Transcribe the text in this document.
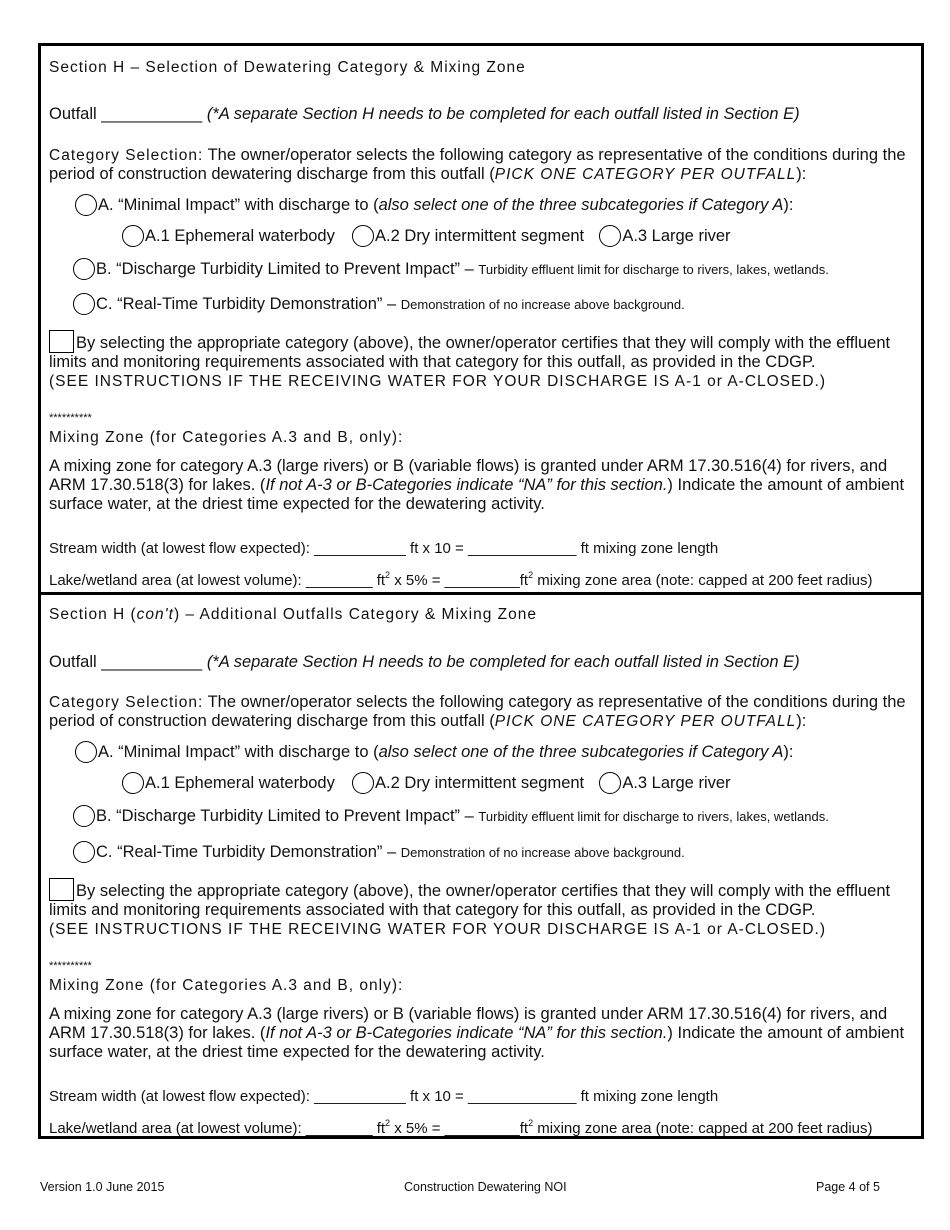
Section H – Selection of Dewatering Category & Mixing Zone
Outfall ___________ (*A separate Section H needs to be completed for each outfall listed in Section E)
Category Selection: The owner/operator selects the following category as representative of the conditions during the period of construction dewatering discharge from this outfall (PICK ONE CATEGORY PER OUTFALL):
A. “Minimal Impact” with discharge to (also select one of the three subcategories if Category A):
A.1 Ephemeral waterbody A.2 Dry intermittent segment A.3 Large river
B. “Discharge Turbidity Limited to Prevent Impact” – Turbidity effluent limit for discharge to rivers, lakes, wetlands.
C. “Real-Time Turbidity Demonstration” – Demonstration of no increase above background.
By selecting the appropriate category (above), the owner/operator certifies that they will comply with the effluent limits and monitoring requirements associated with that category for this outfall, as provided in the CDGP.
(SEE INSTRUCTIONS IF THE RECEIVING WATER FOR YOUR DISCHARGE IS A-1 or A-CLOSED.)
**********
Mixing Zone (for Categories A.3 and B, only):
A mixing zone for category A.3 (large rivers) or B (variable flows) is granted under ARM 17.30.516(4) for rivers, and ARM 17.30.518(3) for lakes. (If not A-3 or B-Categories indicate “NA” for this section.) Indicate the amount of ambient surface water, at the driest time expected for the dewatering activity.
Stream width (at lowest flow expected): ___________ ft x 10 = _____________ ft mixing zone length
Lake/wetland area (at lowest volume): ________ $ft^2$ x $5\% = \_\_\_\_\_\_\_\_\_ft^2$ mixing zone area (note: capped at 200 feet radius)
Section H (con't) – Additional Outfalls Category & Mixing Zone
Outfall ___________ (*A separate Section H needs to be completed for each outfall listed in Section E)
Category Selection: The owner/operator selects the following category as representative of the conditions during the period of construction dewatering discharge from this outfall (PICK ONE CATEGORY PER OUTFALL):
A. “Minimal Impact” with discharge to (also select one of the three subcategories if Category A):
A.1 Ephemeral waterbody A.2 Dry intermittent segment A.3 Large river
B. “Discharge Turbidity Limited to Prevent Impact” – Turbidity effluent limit for discharge to rivers, lakes, wetlands.
C. “Real-Time Turbidity Demonstration” – Demonstration of no increase above background.
By selecting the appropriate category (above), the owner/operator certifies that they will comply with the effluent limits and monitoring requirements associated with that category for this outfall, as provided in the CDGP.
(SEE INSTRUCTIONS IF THE RECEIVING WATER FOR YOUR DISCHARGE IS A-1 or A-CLOSED.)
**********
Mixing Zone (for Categories A.3 and B, only):
A mixing zone for category A.3 (large rivers) or B (variable flows) is granted under ARM 17.30.516(4) for rivers, and ARM 17.30.518(3) for lakes. (If not A-3 or B-Categories indicate “NA” for this section.) Indicate the amount of ambient surface water, at the driest time expected for the dewatering activity.
Stream width (at lowest flow expected): ___________ ft x 10 = _____________ ft mixing zone length
Lake/wetland area (at lowest volume): ________ $ft^2$ x $5\% = \_\_\_\_\_\_\_\_\_ft^2$ mixing zone area (note: capped at 200 feet radius)
Version 1.0 June 2015	Construction Dewatering NOI	Page 4 of 5
